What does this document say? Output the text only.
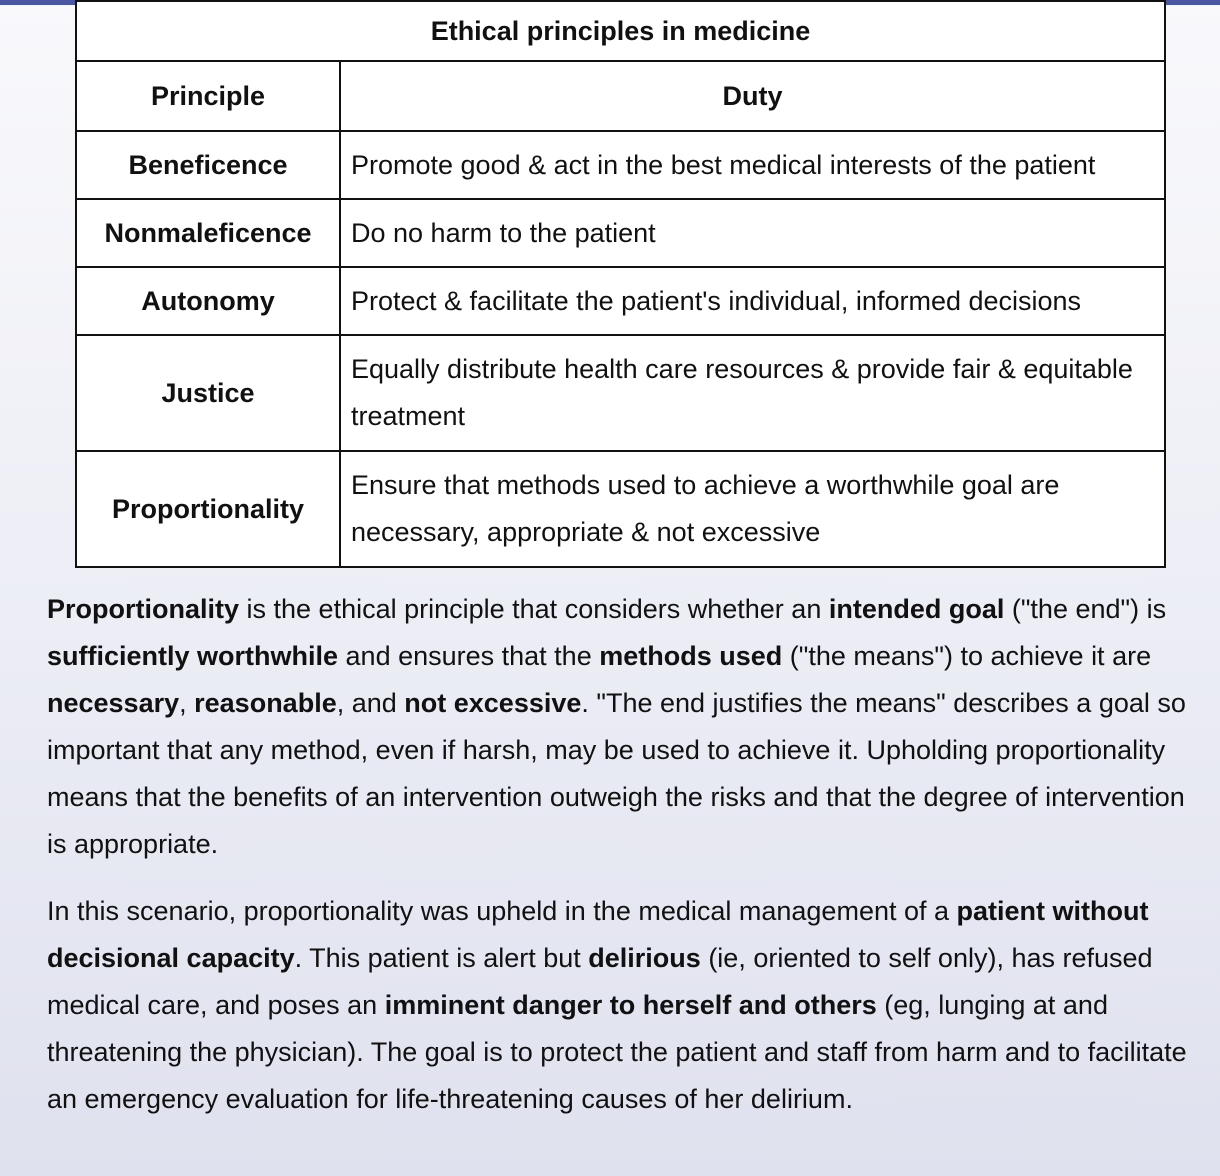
Ethical principles in medicine	
Principle	Duty
Beneficence	Promote good & act in the best medical interests of the patient
Nonmaleficence	Do no harm to the patient
Autonomy	Protect & facilitate the patient's individual, informed decisions
Justice	Equally distribute health care resources & provide fair & equitable treatment
Proportionality	Ensure that methods used to achieve a worthwhile goal are necessary, appropriate & not excessive

Proportionality is the ethical principle that considers whether an intended goal ("the end") is sufficiently worthwhile and ensures that the methods used ("the means") to achieve it are necessary, reasonable, and not excessive. "The end justifies the means" describes a goal so important that any method, even if harsh, may be used to achieve it. Upholding proportionality means that the benefits of an intervention outweigh the risks and that the degree of intervention is appropriate.

In this scenario, proportionality was upheld in the medical management of a patient without decisional capacity. This patient is alert but delirious (ie, oriented to self only), has refused medical care, and poses an imminent danger to herself and others (eg, lunging at and threatening the physician). The goal is to protect the patient and staff from harm and to facilitate an emergency evaluation for life-threatening causes of her delirium.
